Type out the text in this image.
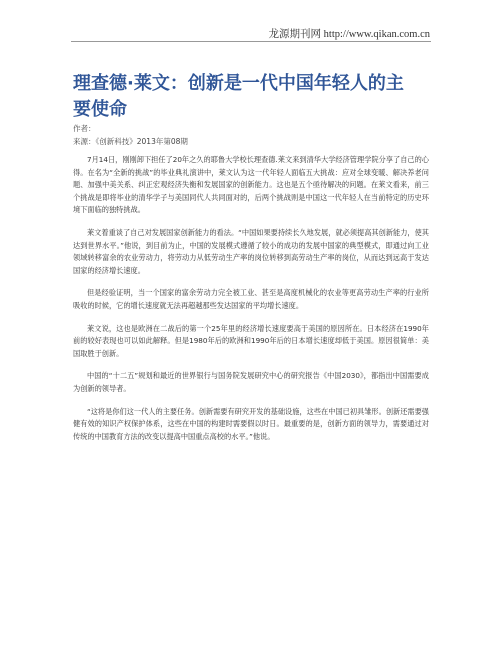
龙源期刊网 http://www.qikan.com.cn
理查德·莱文：创新是一代中国年轻人的主要使命
作者：
来源：《创新科技》2013年第08期

7月14日，刚刚卸下担任了20年之久的耶鲁大学校长理查德.莱文来到清华大学经济管理学院分享了自己的心得。在名为“全新的挑战”的毕业典礼演讲中，莱文认为这一代年轻人面临五大挑战：应对全球变暖、解决养老问题、加强中美关系、纠正宏观经济失衡和发展国家的创新能力。这也是五个亟待解决的问题。在莱文看来，前三个挑战是即将毕业的清华学子与美国同代人共同面对的，后两个挑战则是中国这一代年轻人在当前特定的历史环境下面临的独特挑战。

莱文着重谈了自己对发展国家创新能力的看法。“中国如果要持续长久地发展，就必须提高其创新能力，使其达到世界水平。”他说，到目前为止，中国的发展模式遵循了较小的成功的发展中国家的典型模式，即通过向工业领域转移富余的农业劳动力，将劳动力从低劳动生产率的岗位转移到高劳动生产率的岗位，从而达到远高于发达国家的经济增长速度。

但是经验证明，当一个国家的富余劳动力完全被工业、甚至是高度机械化的农业等更高劳动生产率的行业所吸收的时候，它的增长速度就无法再超越那些发达国家的平均增长速度。

莱文说，这也是欧洲在二战后的第一个25年里的经济增长速度要高于美国的原因所在。日本经济在1990年前的较好表现也可以如此解释。但是1980年后的欧洲和1990年后的日本增长速度却低于美国。原因很简单：美国取胜于创新。

中国的“十二五”规划和最近的世界银行与国务院发展研究中心的研究报告《中国2030》，都指出中国需要成为创新的领导者。

“这将是你们这一代人的主要任务。创新需要有研究开发的基础设施，这些在中国已初具雏形。创新还需要强健有效的知识产权保护体系，这些在中国的构建时需要假以时日。最重要的是，创新方面的领导力，需要通过对传统的中国教育方法的改变以提高中国重点高校的水平。”他说。
